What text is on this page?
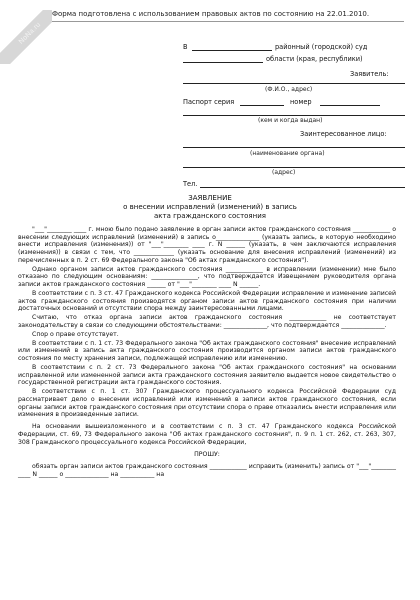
NoNa.ru
Форма подготовлена с использованием правовых актов по состоянию на 22.01.2010.
В	районный (городской) суд
области (края, республики)
Заявитель:
(Ф.И.О., адрес)
Паспорт серия	номер
(кем и когда выдан)
Заинтересованное лицо:
(наименование органа)
(адрес)
Тел.
ЗАЯВЛЕНИЕ
о внесении исправлений (изменений) в запись
акта гражданского состояния

"___"________ ____ г. мною было подано заявление в орган записи актов гражданского состояния ____________ о внесении следующих исправлений (изменений) в запись о______________ (указать запись, в которую необходимо внести исправления (изменения)) от "___"________ ____ г. N ______ (указать, в чем заключаются исправления (изменения)) в связи с тем, что _____________ (указать основание для внесения исправлений (изменений) из перечисленных в п. 2 ст. 69 Федерального закона "Об актах гражданского состояния").

Однако органом записи актов гражданского состояния ____________ в исправлении (изменении) мне было отказано по следующим основаниям: _______________, что подтверждается Извещением руководителя органа записи актов гражданского состояния ______ от "___"________ ____ N ______.

В соответствии с п. 3 ст. 47 Гражданского кодекса Российской Федерации исправление и изменение записей актов гражданского состояния производятся органом записи актов гражданского состояния при наличии достаточных оснований и отсутствии спора между заинтересованными лицами.

Считаю, что отказ органа записи актов гражданского состояния ____________ не соответствует законодательству в связи со следующими обстоятельствами: ______________, что подтверждается ______________.

Спор о праве отсутствует.

В соответствии с п. 1 ст. 73 Федерального закона "Об актах гражданского состояния" внесение исправлений или изменений в запись акта гражданского состояния производится органом записи актов гражданского состояния по месту хранения записи, подлежащей исправлению или изменению.

В соответствии с п. 2 ст. 73 Федерального закона "Об актах гражданского состояния" на основании исправленной или измененной записи акта гражданского состояния заявителю выдается новое свидетельство о государственной регистрации акта гражданского состояния.

В соответствии с п. 1 ст. 307 Гражданского процессуального кодекса Российской Федерации суд рассматривает дело о внесении исправлений или изменений в записи актов гражданского состояния, если органы записи актов гражданского состояния при отсутствии спора о праве отказались внести исправления или изменения в произведенные записи.

На основании вышеизложенного и в соответствии с п. 3 ст. 47 Гражданского кодекса Российской Федерации, ст. 69, 73 Федерального закона "Об актах гражданского состояния", п. 9 п. 1 ст. 262, ст. 263, 307, 308 Гражданского процессуального кодекса Российской Федерации,

ПРОШУ:

обязать орган записи актов гражданского состояния ____________ исправить (изменить) запись от "___"________ ____ N ______ о ______________ на ___________ на
